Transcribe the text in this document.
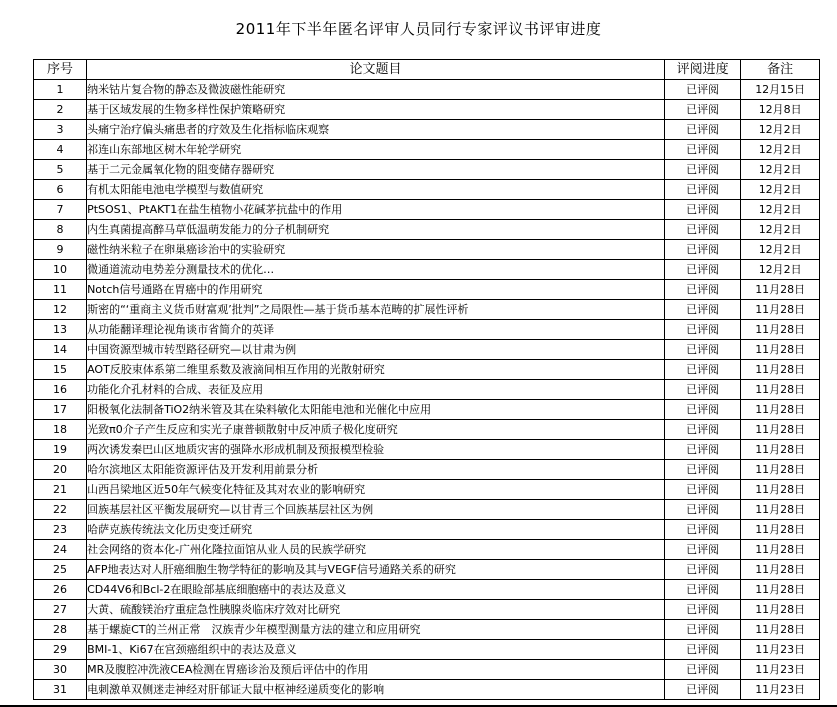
2011年下半年匿名评审人员同行专家评议书评审进度
序号	论文题目	评阅进度	备注
1	纳米钴片复合物的静态及微波磁性能研究	已评阅	12月15日
2	基于区域发展的生物多样性保护策略研究	已评阅	12月8日
3	头痛宁治疗偏头痛患者的疗效及生化指标临床观察	已评阅	12月2日
4	祁连山东部地区树木年轮学研究	已评阅	12月2日
5	基于二元金属氧化物的阻变储存器研究	已评阅	12月2日
6	有机太阳能电池电学模型与数值研究	已评阅	12月2日
7	PtSOS1、PtAKT1在盐生植物小花碱茅抗盐中的作用	已评阅	12月2日
8	内生真菌提高醉马草低温萌发能力的分子机制研究	已评阅	12月2日
9	磁性纳米粒子在卵巢癌诊治中的实验研究	已评阅	12月2日
10	微通道流动电势差分测量技术的优化…	已评阅	12月2日
11	Notch信号通路在胃癌中的作用研究	已评阅	11月28日
12	斯密的“‘重商主义货币财富观’批判”之局限性—基于货币基本范畴的扩展性评析	已评阅	11月28日
13	从功能翻译理论视角谈市省简介的英译	已评阅	11月28日
14	中国资源型城市转型路径研究—以甘肃为例	已评阅	11月28日
15	AOT反胶束体系第二维里系数及液滴间相互作用的光散射研究	已评阅	11月28日
16	功能化介孔材料的合成、表征及应用	已评阅	11月28日
17	阳极氧化法制备TiO2纳米管及其在染料敏化太阳能电池和光催化中应用	已评阅	11月28日
18	光致π0介子产生反应和实光子康普顿散射中反冲质子极化度研究	已评阅	11月28日
19	两次诱发秦巴山区地质灾害的强降水形成机制及预报模型检验	已评阅	11月28日
20	哈尔滨地区太阳能资源评估及开发利用前景分析	已评阅	11月28日
21	山西吕梁地区近50年气候变化特征及其对农业的影响研究	已评阅	11月28日
22	回族基层社区平衡发展研究—以甘青三个回族基层社区为例	已评阅	11月28日
23	哈萨克族传统法文化历史变迁研究	已评阅	11月28日
24	社会网络的资本化-广州化隆拉面馆从业人员的民族学研究	已评阅	11月28日
25	AFP地表达对人肝癌细胞生物学特征的影响及其与VEGF信号通路关系的研究	已评阅	11月28日
26	CD44V6和Bcl-2在眼睑部基底细胞癌中的表达及意义	已评阅	11月28日
27	大黄、硫酸镁治疗重症急性胰腺炎临床疗效对比研究	已评阅	11月28日
28	基于螺旋CT的兰州正常　汉族青少年模型测量方法的建立和应用研究	已评阅	11月28日
29	BMI-1、Ki67在宫颈癌组织中的表达及意义	已评阅	11月23日
30	MR及腹腔冲洗液CEA检测在胃癌诊治及预后评估中的作用	已评阅	11月23日
31	电刺激单双侧迷走神经对肝郁证大鼠中枢神经递质变化的影响	已评阅	11月23日
